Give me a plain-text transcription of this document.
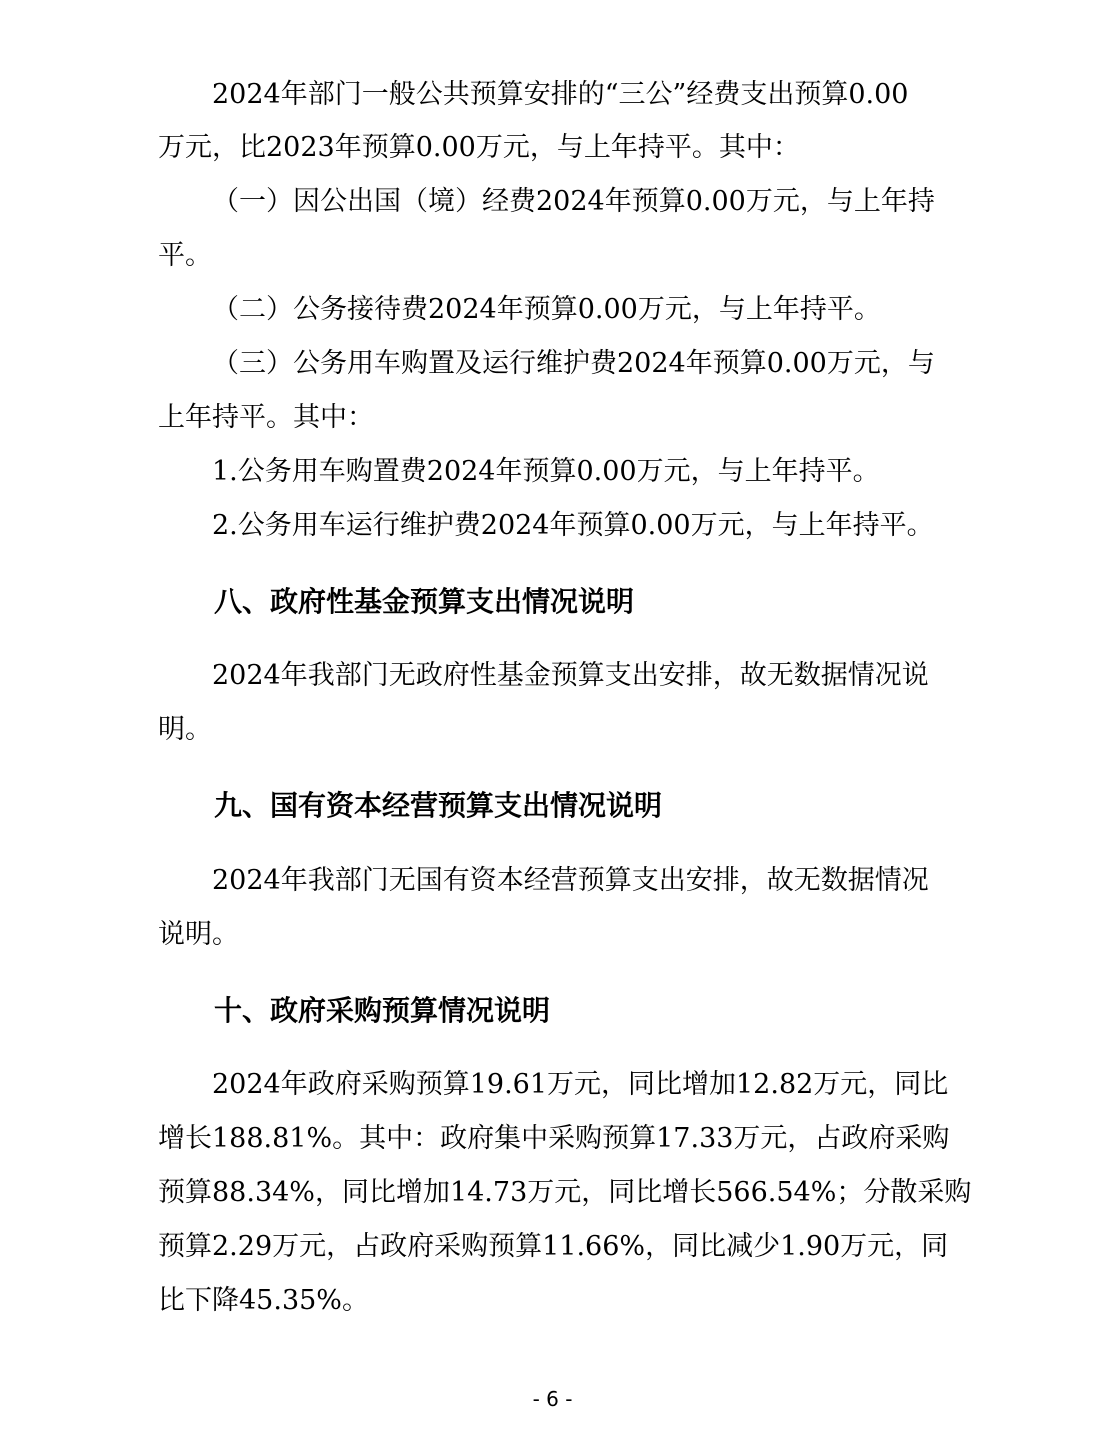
2024年部门一般公共预算安排的“三公”经费支出预算0.00
万元，比2023年预算0.00万元，与上年持平。其中：
（一）因公出国（境）经费2024年预算0.00万元，与上年持
平。
（二）公务接待费2024年预算0.00万元，与上年持平。
（三）公务用车购置及运行维护费2024年预算0.00万元，与
上年持平。其中：
1.公务用车购置费2024年预算0.00万元，与上年持平。
2.公务用车运行维护费2024年预算0.00万元，与上年持平。
八、政府性基金预算支出情况说明
2024年我部门无政府性基金预算支出安排，故无数据情况说
明。
九、国有资本经营预算支出情况说明
2024年我部门无国有资本经营预算支出安排，故无数据情况
说明。
十、政府采购预算情况说明
2024年政府采购预算19.61万元，同比增加12.82万元，同比
增长188.81%。其中：政府集中采购预算17.33万元，占政府采购
预算88.34%，同比增加14.73万元，同比增长566.54%；分散采购
预算2.29万元，占政府采购预算11.66%，同比减少1.90万元，同
比下降45.35%。
- 6 -
